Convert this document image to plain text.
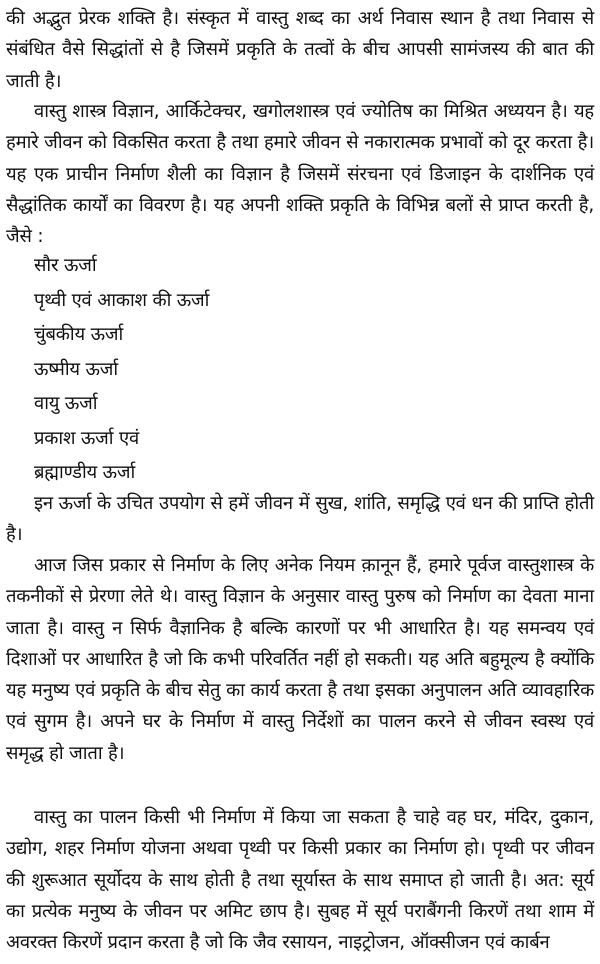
की अद्भुत प्रेरक शक्ति है। संस्कृत में वास्तु शब्द का अर्थ निवास स्थान है तथा निवास से संबंधित वैसे सिद्धांतों से है जिसमें प्रकृति के तत्वों के बीच आपसी सामंजस्य की बात की जाती है।

वास्तु शास्त्र विज्ञान, आर्किटेक्चर, खगोलशास्त्र एवं ज्योतिष का मिश्रित अध्ययन है। यह हमारे जीवन को विकसित करता है तथा हमारे जीवन से नकारात्मक प्रभावों को दूर करता है। यह एक प्राचीन निर्माण शैली का विज्ञान है जिसमें संरचना एवं डिजाइन के दार्शनिक एवं सैद्धांतिक कार्यों का विवरण है। यह अपनी शक्ति प्रकृति के विभिन्न बलों से प्राप्त करती है, जैसे :

सौर ऊर्जा
पृथ्वी एवं आकाश की ऊर्जा
चुंबकीय ऊर्जा
ऊष्मीय ऊर्जा
वायु ऊर्जा
प्रकाश ऊर्जा एवं
ब्रह्माण्डीय ऊर्जा

इन ऊर्जा के उचित उपयोग से हमें जीवन में सुख, शांति, समृद्धि एवं धन की प्राप्ति होती है।

आज जिस प्रकार से निर्माण के लिए अनेक नियम क़ानून हैं, हमारे पूर्वज वास्तुशास्त्र के तकनीकों से प्रेरणा लेते थे। वास्तु विज्ञान के अनुसार वास्तु पुरुष को निर्माण का देवता माना जाता है। वास्तु न सिर्फ वैज्ञानिक है बल्कि कारणों पर भी आधारित है। यह समन्वय एवं दिशाओं पर आधारित है जो कि कभी परिवर्तित नहीं हो सकती। यह अति बहुमूल्य है क्योंकि यह मनुष्य एवं प्रकृति के बीच सेतु का कार्य करता है तथा इसका अनुपालन अति व्यावहारिक एवं सुगम है। अपने घर के निर्माण में वास्तु निर्देशों का पालन करने से जीवन स्वस्थ एवं समृद्ध हो जाता है।

वास्तु का पालन किसी भी निर्माण में किया जा सकता है चाहे वह घर, मंदिर, दुकान, उद्योग, शहर निर्माण योजना अथवा पृथ्वी पर किसी प्रकार का निर्माण हो। पृथ्वी पर जीवन की शुरूआत सूर्योदय के साथ होती है तथा सूर्यास्त के साथ समाप्त हो जाती है। अत: सूर्य का प्रत्येक मनुष्य के जीवन पर अमिट छाप है। सुबह में सूर्य पराबैंगनी किरणें तथा शाम में अवरक्त किरणें प्रदान करता है जो कि जैव रसायन, नाइट्रोजन, ऑक्सीजन एवं कार्बन
